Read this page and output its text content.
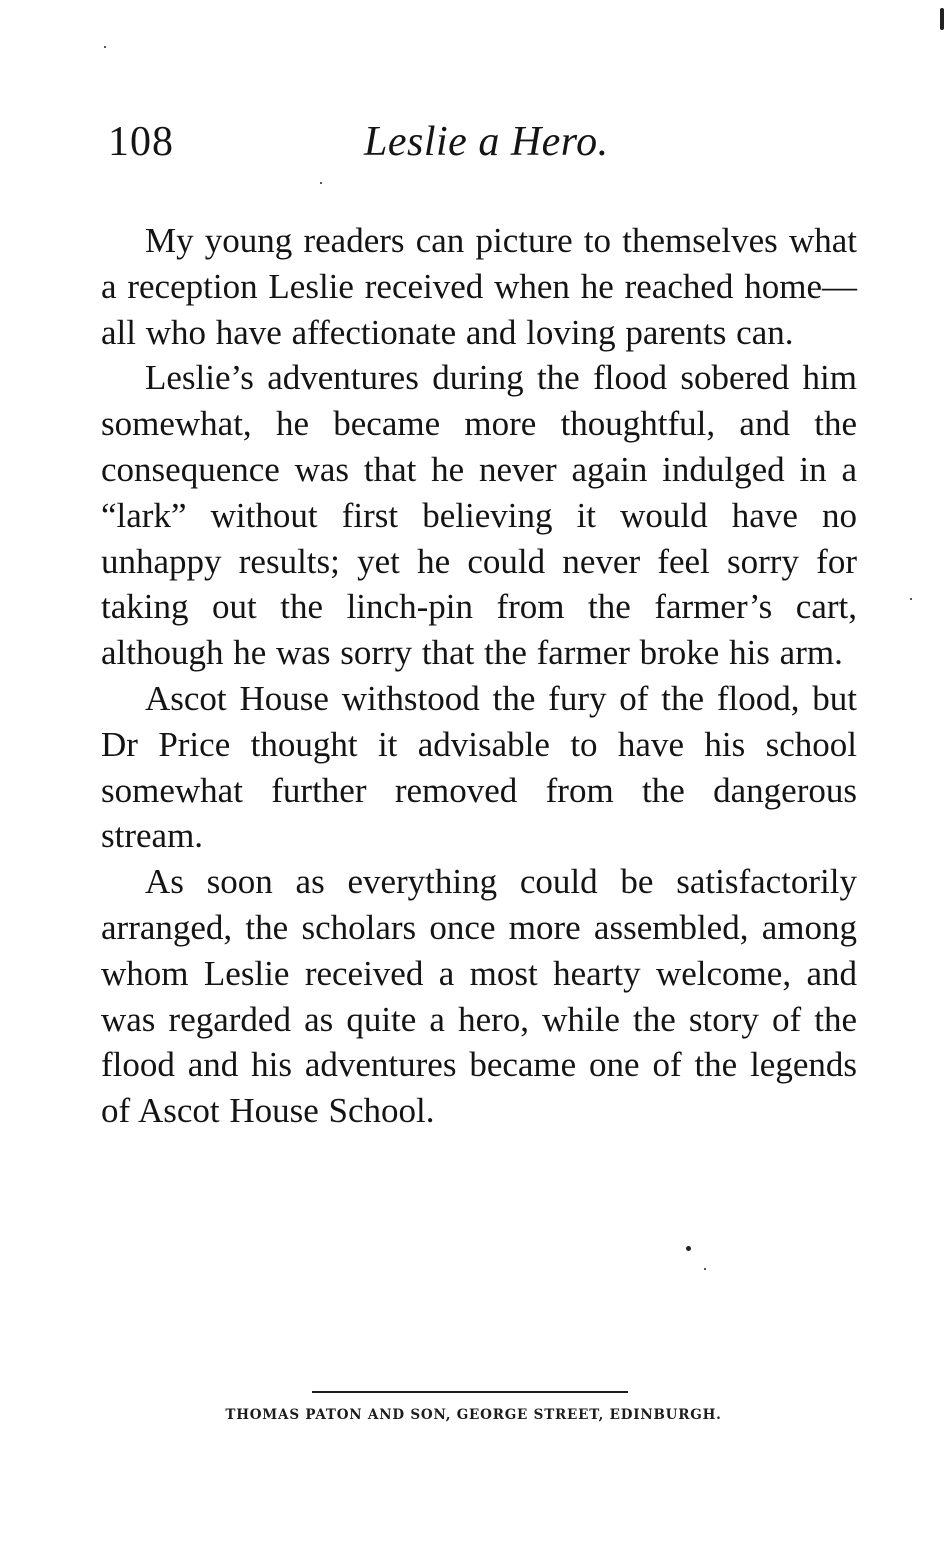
108	Leslie a Hero.

My young readers can picture to themselves what a reception Leslie received when he reached home—all who have affectionate and loving parents can.

Leslie’s adventures during the flood sobered him somewhat, he became more thoughtful, and the consequence was that he never again indulged in a “lark” without first believing it would have no unhappy results; yet he could never feel sorry for taking out the linch-pin from the farmer’s cart, although he was sorry that the farmer broke his arm.

Ascot House withstood the fury of the flood, but Dr Price thought it advisable to have his school somewhat further removed from the dangerous stream.

As soon as everything could be satisfactorily arranged, the scholars once more assembled, among whom Leslie received a most hearty welcome, and was regarded as quite a hero, while the story of the flood and his adventures became one of the legends of Ascot House School.

THOMAS PATON AND SON, GEORGE STREET, EDINBURGH.
